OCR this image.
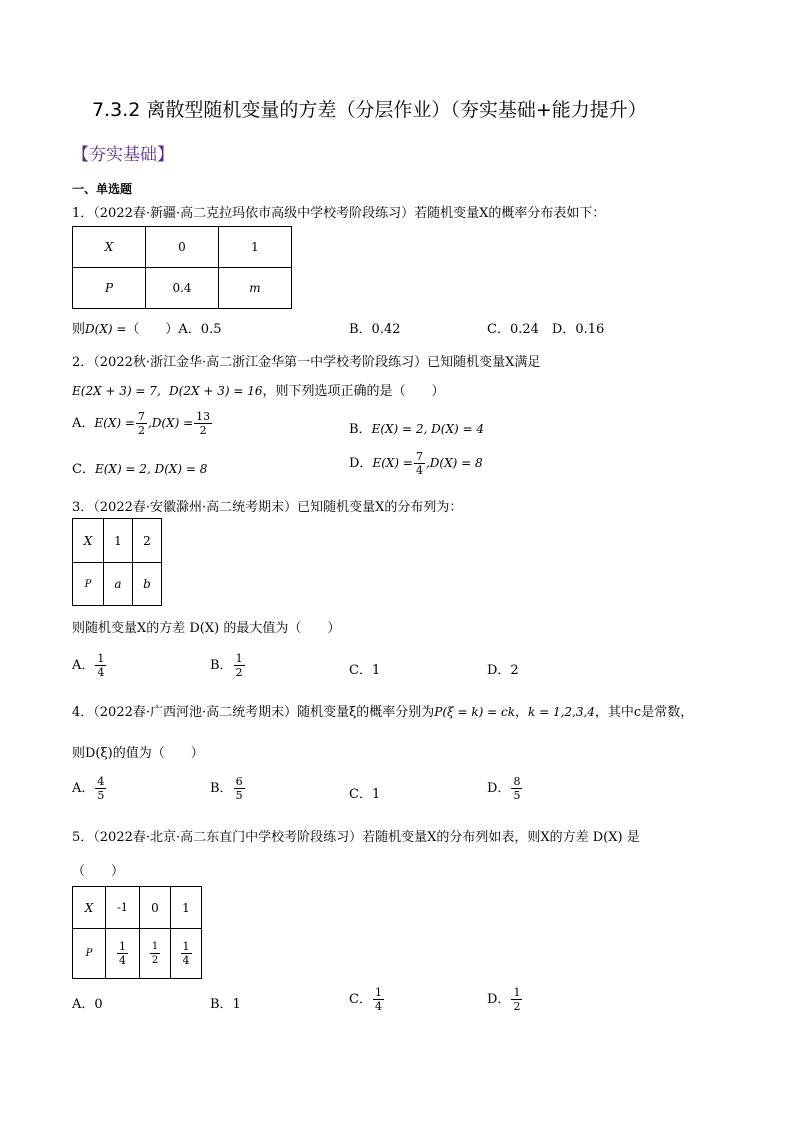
7.3.2 离散型随机变量的方差（分层作业）（夯实基础+能力提升）
【夯实基础】
一、单选题
1．（2022春·新疆·高二克拉玛依市高级中学校考阶段练习）若随机变量X的概率分布表如下：
X	0	1
P	0.4	m
则D(X) =（　　）A．0.5	B．0.42	C．0.24　D．0.16
2．（2022秋·浙江金华·高二浙江金华第一中学校考阶段练习）已知随机变量X满足
E(2X + 3) = 7, D(2X + 3) = 16，则下列选项正确的是（　　）
A．$E(X) = \frac{7}{2} ,D(X) = \frac{13}{2}$	B．E(X) = 2, D(X) = 4
C．E(X) = 2, D(X) = 8	D．$E(X) = \frac{7}{4} ,D(X) = 8$
3．（2022春·安徽滁州·高二统考期末）已知随机变量X的分布列为：
X	1	2
P	a	b
则随机变量X的方差 D(X) 的最大值为（　　）
A． $\frac{1}{4}$	B． $\frac{1}{2}$	C．1	D．2
4．（2022春·广西河池·高二统考期末）随机变量ξ的概率分别为P(ξ = k) = ck，k = 1,2,3,4，其中c是常数，
则D(ξ)的值为（　　）
A． $\frac{4}{5}$	B． $\frac{6}{5}$	C．1	D． $\frac{8}{5}$
5．（2022春·北京·高二东直门中学校考阶段练习）若随机变量X的分布列如表，则X的方差 D(X) 是
（　　）
X	-1	0	1
P	$\frac{1}{4}$	$\frac{1}{2}$	$\frac{1}{4}$
A．0	B．1	C． $\frac{1}{4}$	D． $\frac{1}{2}$
